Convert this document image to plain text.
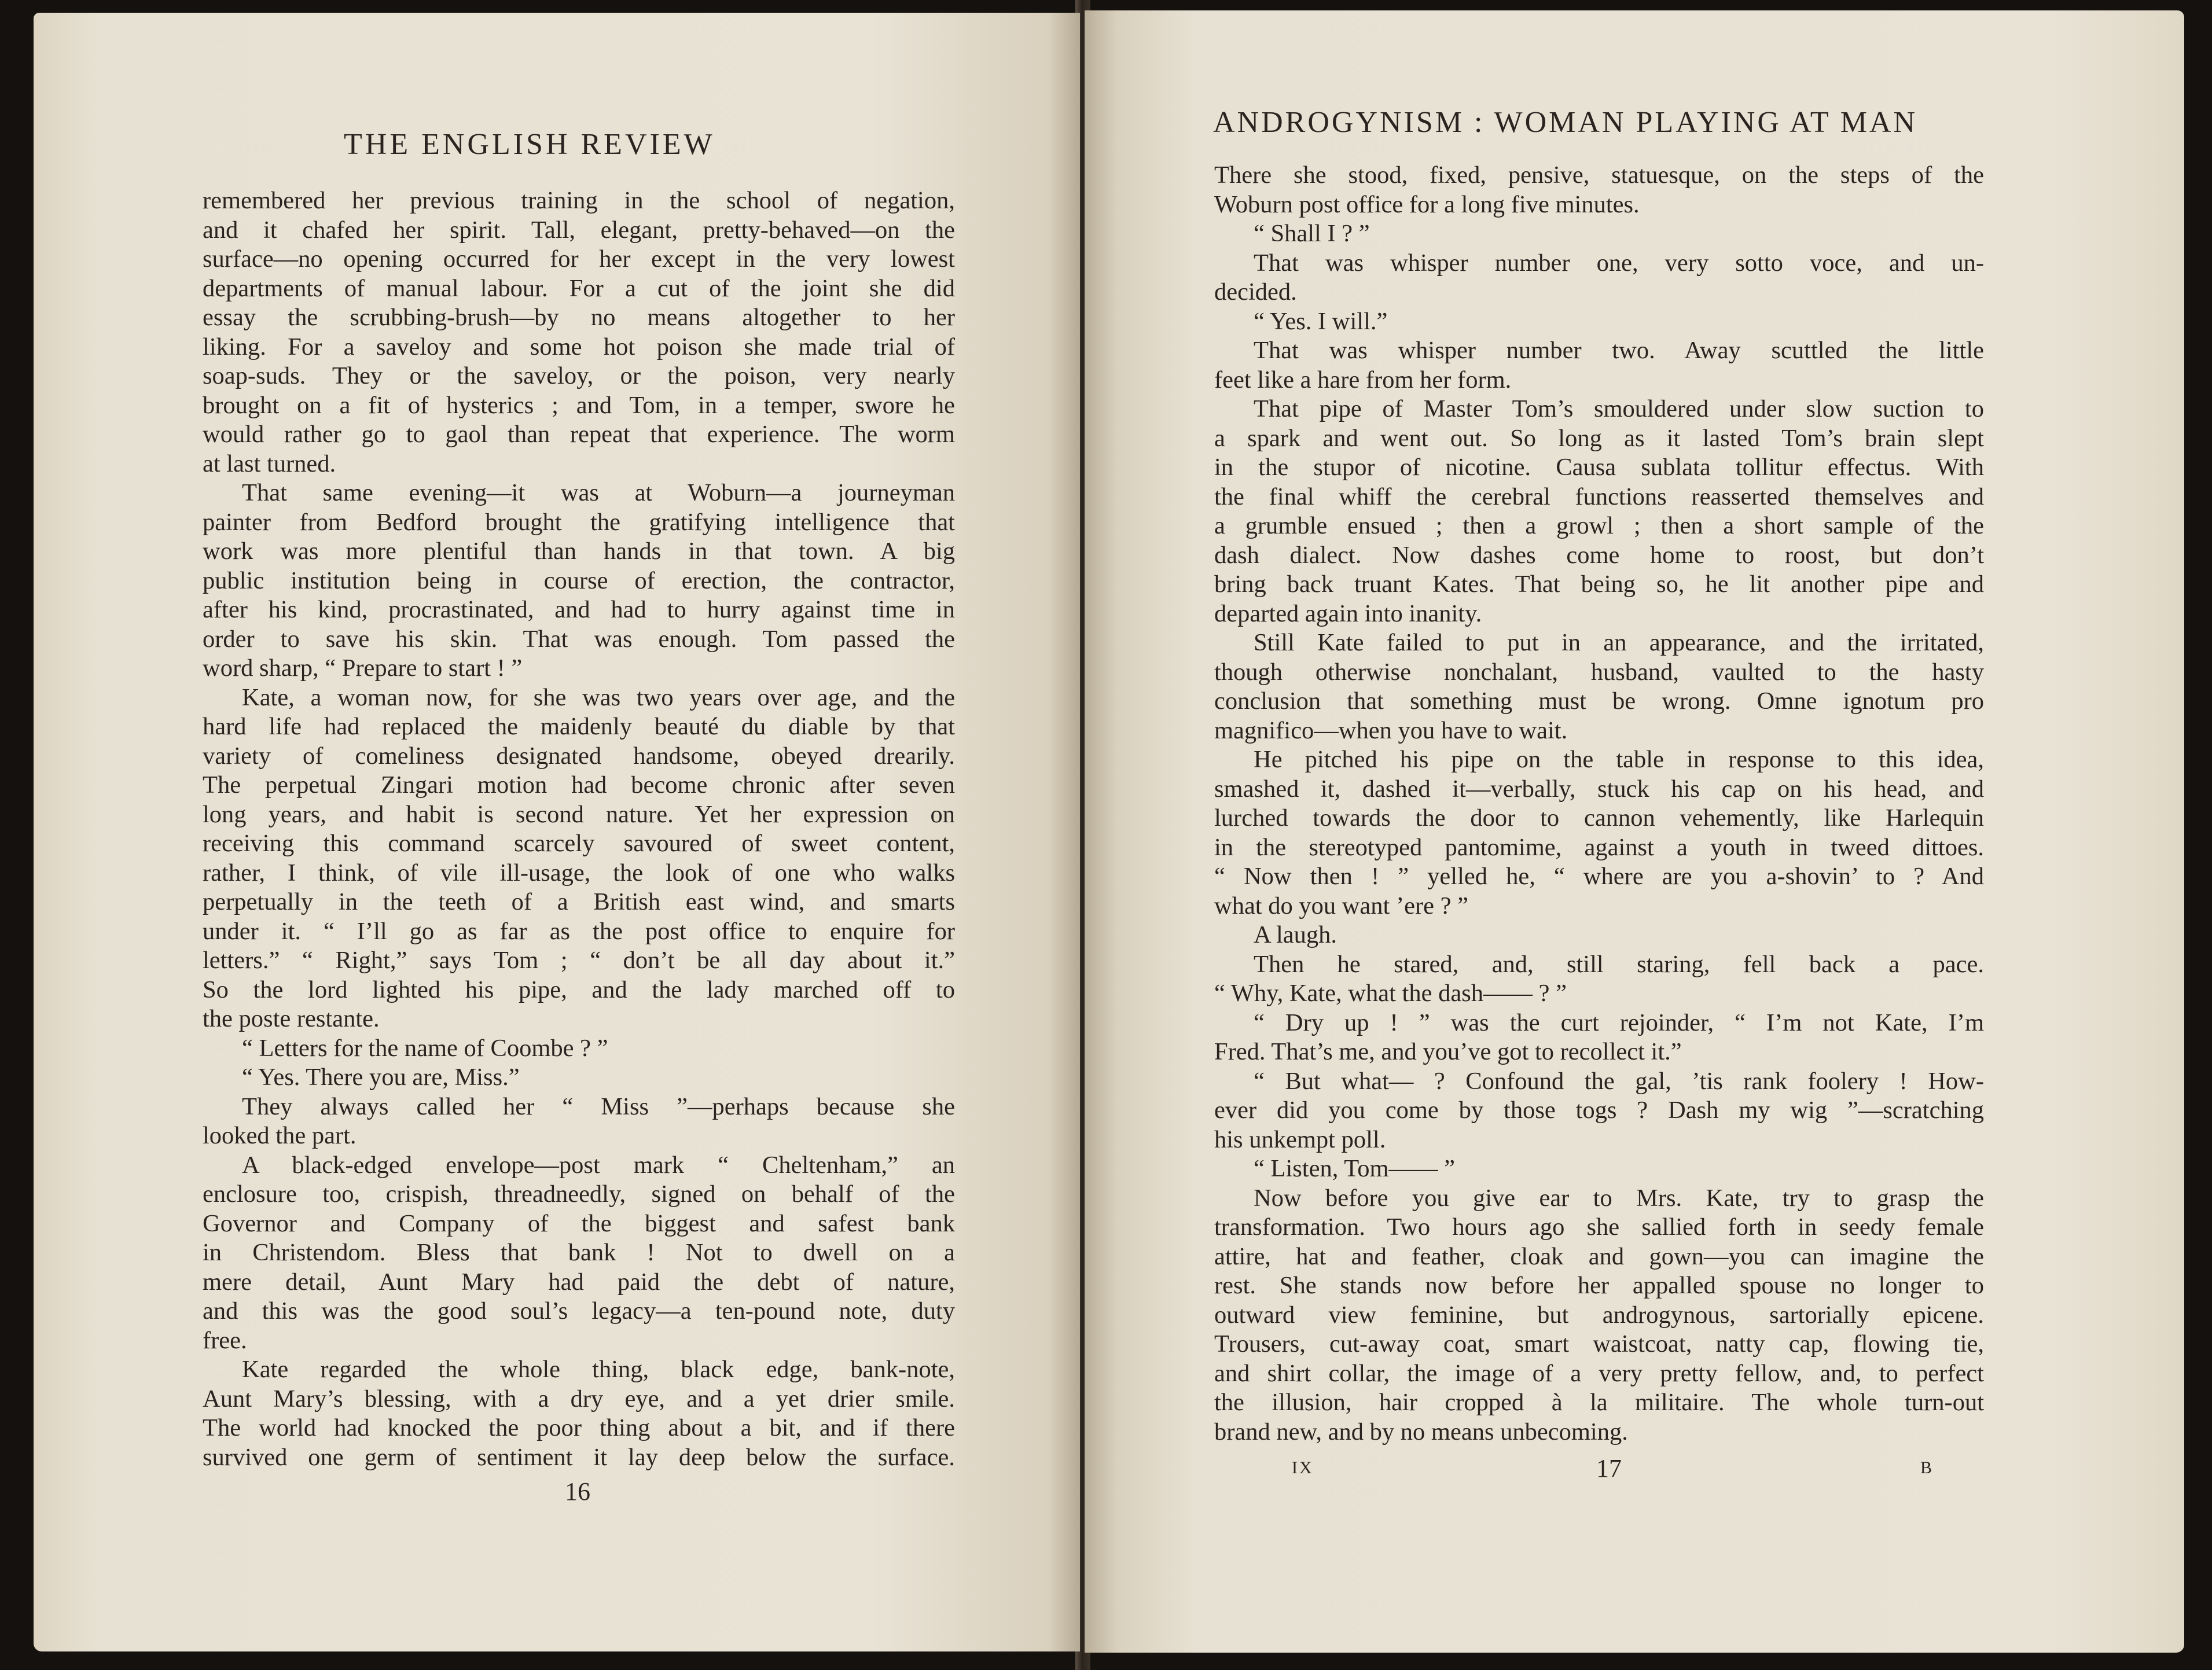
THE ENGLISH REVIEW

remembered her previous training in the school of negation,

and it chafed her spirit. Tall, elegant, pretty-behaved—on the

surface—no opening occurred for her except in the very lowest

departments of manual labour. For a cut of the joint she did

essay the scrubbing-brush—by no means altogether to her

liking. For a saveloy and some hot poison she made trial of

soap-suds. They or the saveloy, or the poison, very nearly

brought on a fit of hysterics ; and Tom, in a temper, swore he

would rather go to gaol than repeat that experience. The worm

at last turned.

That same evening—it was at Woburn—a journeyman

painter from Bedford brought the gratifying intelligence that

work was more plentiful than hands in that town. A big

public institution being in course of erection, the contractor,

after his kind, procrastinated, and had to hurry against time in

order to save his skin. That was enough. Tom passed the

word sharp, “ Prepare to start ! ”

Kate, a woman now, for she was two years over age, and the

hard life had replaced the maidenly beauté du diable by that

variety of comeliness designated handsome, obeyed drearily.

The perpetual Zingari motion had become chronic after seven

long years, and habit is second nature. Yet her expression on

receiving this command scarcely savoured of sweet content,

rather, I think, of vile ill-usage, the look of one who walks

perpetually in the teeth of a British east wind, and smarts

under it. “ I’ll go as far as the post office to enquire for

letters.” “ Right,” says Tom ; “ don’t be all day about it.”

So the lord lighted his pipe, and the lady marched off to

the poste restante.

“ Letters for the name of Coombe ? ”

“ Yes. There you are, Miss.”

They always called her “ Miss ”—perhaps because she

looked the part.

A black-edged envelope—post mark “ Cheltenham,” an

enclosure too, crispish, threadneedly, signed on behalf of the

Governor and Company of the biggest and safest bank

in Christendom. Bless that bank ! Not to dwell on a

mere detail, Aunt Mary had paid the debt of nature,

and this was the good soul’s legacy—a ten-pound note, duty

free.

Kate regarded the whole thing, black edge, bank-note,

Aunt Mary’s blessing, with a dry eye, and a yet drier smile.

The world had knocked the poor thing about a bit, and if there

survived one germ of sentiment it lay deep below the surface.

16
ANDROGYNISM : WOMAN PLAYING AT MAN

There she stood, fixed, pensive, statuesque, on the steps of the

Woburn post office for a long five minutes.

“ Shall I ? ”

That was whisper number one, very sotto voce, and un-

decided.

“ Yes. I will.”

That was whisper number two. Away scuttled the little

feet like a hare from her form.

That pipe of Master Tom’s smouldered under slow suction to

a spark and went out. So long as it lasted Tom’s brain slept

in the stupor of nicotine. Causa sublata tollitur effectus. With

the final whiff the cerebral functions reasserted themselves and

a grumble ensued ; then a growl ; then a short sample of the

dash dialect. Now dashes come home to roost, but don’t

bring back truant Kates. That being so, he lit another pipe and

departed again into inanity.

Still Kate failed to put in an appearance, and the irritated,

though otherwise nonchalant, husband, vaulted to the hasty

conclusion that something must be wrong. Omne ignotum pro

magnifico—when you have to wait.

He pitched his pipe on the table in response to this idea,

smashed it, dashed it—verbally, stuck his cap on his head, and

lurched towards the door to cannon vehemently, like Harlequin

in the stereotyped pantomime, against a youth in tweed dittoes.

“ Now then ! ” yelled he, “ where are you a-shovin’ to ? And

what do you want ’ere ? ”

A laugh.

Then he stared, and, still staring, fell back a pace.

“ Why, Kate, what the dash—— ? ”

“ Dry up ! ” was the curt rejoinder, “ I’m not Kate, I’m

Fred. That’s me, and you’ve got to recollect it.”

“ But what— ? Confound the gal, ’tis rank foolery ! How-

ever did you come by those togs ? Dash my wig ”—scratching

his unkempt poll.

“ Listen, Tom—— ”

Now before you give ear to Mrs. Kate, try to grasp the

transformation. Two hours ago she sallied forth in seedy female

attire, hat and feather, cloak and gown—you can imagine the

rest. She stands now before her appalled spouse no longer to

outward view feminine, but androgynous, sartorially epicene.

Trousers, cut-away coat, smart waistcoat, natty cap, flowing tie,

and shirt collar, the image of a very pretty fellow, and, to perfect

the illusion, hair cropped à la militaire. The whole turn-out

brand new, and by no means unbecoming.

IX	17	B
